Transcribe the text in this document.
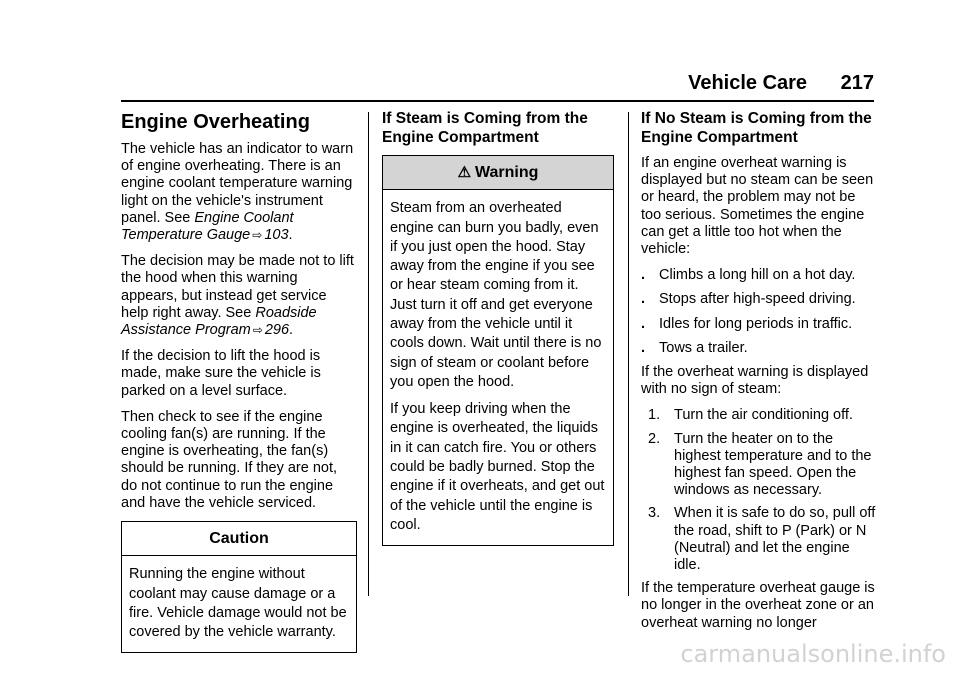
Vehicle Care 217
Engine Overheating

The vehicle has an indicator to warn of engine overheating. There is an engine coolant temperature warning light on the vehicle's instrument panel. See Engine Coolant Temperature Gauge ⇨ 103.

The decision may be made not to lift the hood when this warning appears, but instead get service help right away. See Roadside Assistance Program ⇨ 296.

If the decision to lift the hood is made, make sure the vehicle is parked on a level surface.

Then check to see if the engine cooling fan(s) are running. If the engine is overheating, the fan(s) should be running. If they are not, do not continue to run the engine and have the vehicle serviced.

Caution

Running the engine without coolant may cause damage or a fire. Vehicle damage would not be covered by the vehicle warranty.

If Steam is Coming from the Engine Compartment
⚠ Warning

Steam from an overheated engine can burn you badly, even if you just open the hood. Stay away from the engine if you see or hear steam coming from it. Just turn it off and get everyone away from the vehicle until it cools down. Wait until there is no sign of steam or coolant before you open the hood.

If you keep driving when the engine is overheated, the liquids in it can catch fire. You or others could be badly burned. Stop the engine if it overheats, and get out of the vehicle until the engine is cool.

If No Steam is Coming from the Engine Compartment

If an engine overheat warning is displayed but no steam can be seen or heard, the problem may not be too serious. Sometimes the engine can get a little too hot when the vehicle:

. Climbs a long hill on a hot day.
. Stops after high-speed driving.
. Idles for long periods in traffic.
. Tows a trailer.

If the overheat warning is displayed with no sign of steam:

1. Turn the air conditioning off.
2. Turn the heater on to the highest temperature and to the highest fan speed. Open the windows as necessary.
3. When it is safe to do so, pull off the road, shift to P (Park) or N (Neutral) and let the engine idle.

If the temperature overheat gauge is no longer in the overheat zone or an overheat warning no longer

carmanualsonline.info
